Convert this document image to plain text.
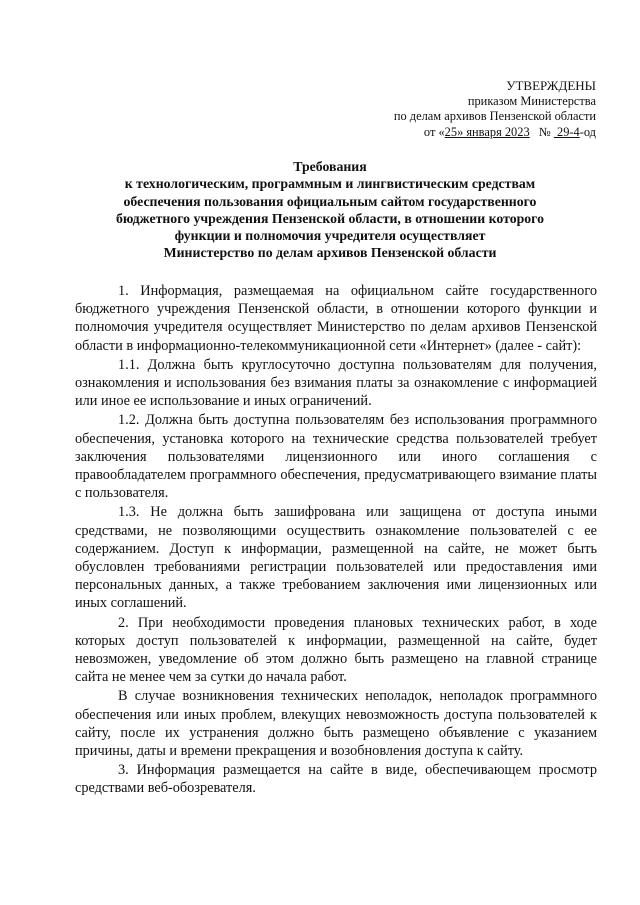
УТВЕРЖДЕНЫ
приказом Министерства
по делам архивов Пензенской области
от «25» января 2023 № 29-4-од
Требования
к технологическим, программным и лингвистическим средствам
обеспечения пользования официальным сайтом государственного
бюджетного учреждения Пензенской области, в отношении которого
функции и полномочия учредителя осуществляет
Министерство по делам архивов Пензенской области

1. Информация, размещаемая на официальном сайте государственного бюджетного учреждения Пензенской области, в отношении которого функции и полномочия учредителя осуществляет Министерство по делам архивов Пензенской области в информационно-телекоммуникационной сети «Интернет» (далее - сайт):

1.1. Должна быть круглосуточно доступна пользователям для получения, ознакомления и использования без взимания платы за ознакомление с информацией или иное ее использование и иных ограничений.

1.2. Должна быть доступна пользователям без использования программного обеспечения, установка которого на технические средства пользователей требует заключения пользователями лицензионного или иного соглашения с правообладателем программного обеспечения, предусматривающего взимание платы с пользователя.

1.3. Не должна быть зашифрована или защищена от доступа иными средствами, не позволяющими осуществить ознакомление пользователей с ее содержанием. Доступ к информации, размещенной на сайте, не может быть обусловлен требованиями регистрации пользователей или предоставления ими персональных данных, а также требованием заключения ими лицензионных или иных соглашений.

2. При необходимости проведения плановых технических работ, в ходе которых доступ пользователей к информации, размещенной на сайте, будет невозможен, уведомление об этом должно быть размещено на главной странице сайта не менее чем за сутки до начала работ.

В случае возникновения технических неполадок, неполадок программного обеспечения или иных проблем, влекущих невозможность доступа пользователей к сайту, после их устранения должно быть размещено объявление с указанием причины, даты и времени прекращения и возобновления доступа к сайту.

3. Информация размещается на сайте в виде, обеспечивающем просмотр средствами веб-обозревателя.
